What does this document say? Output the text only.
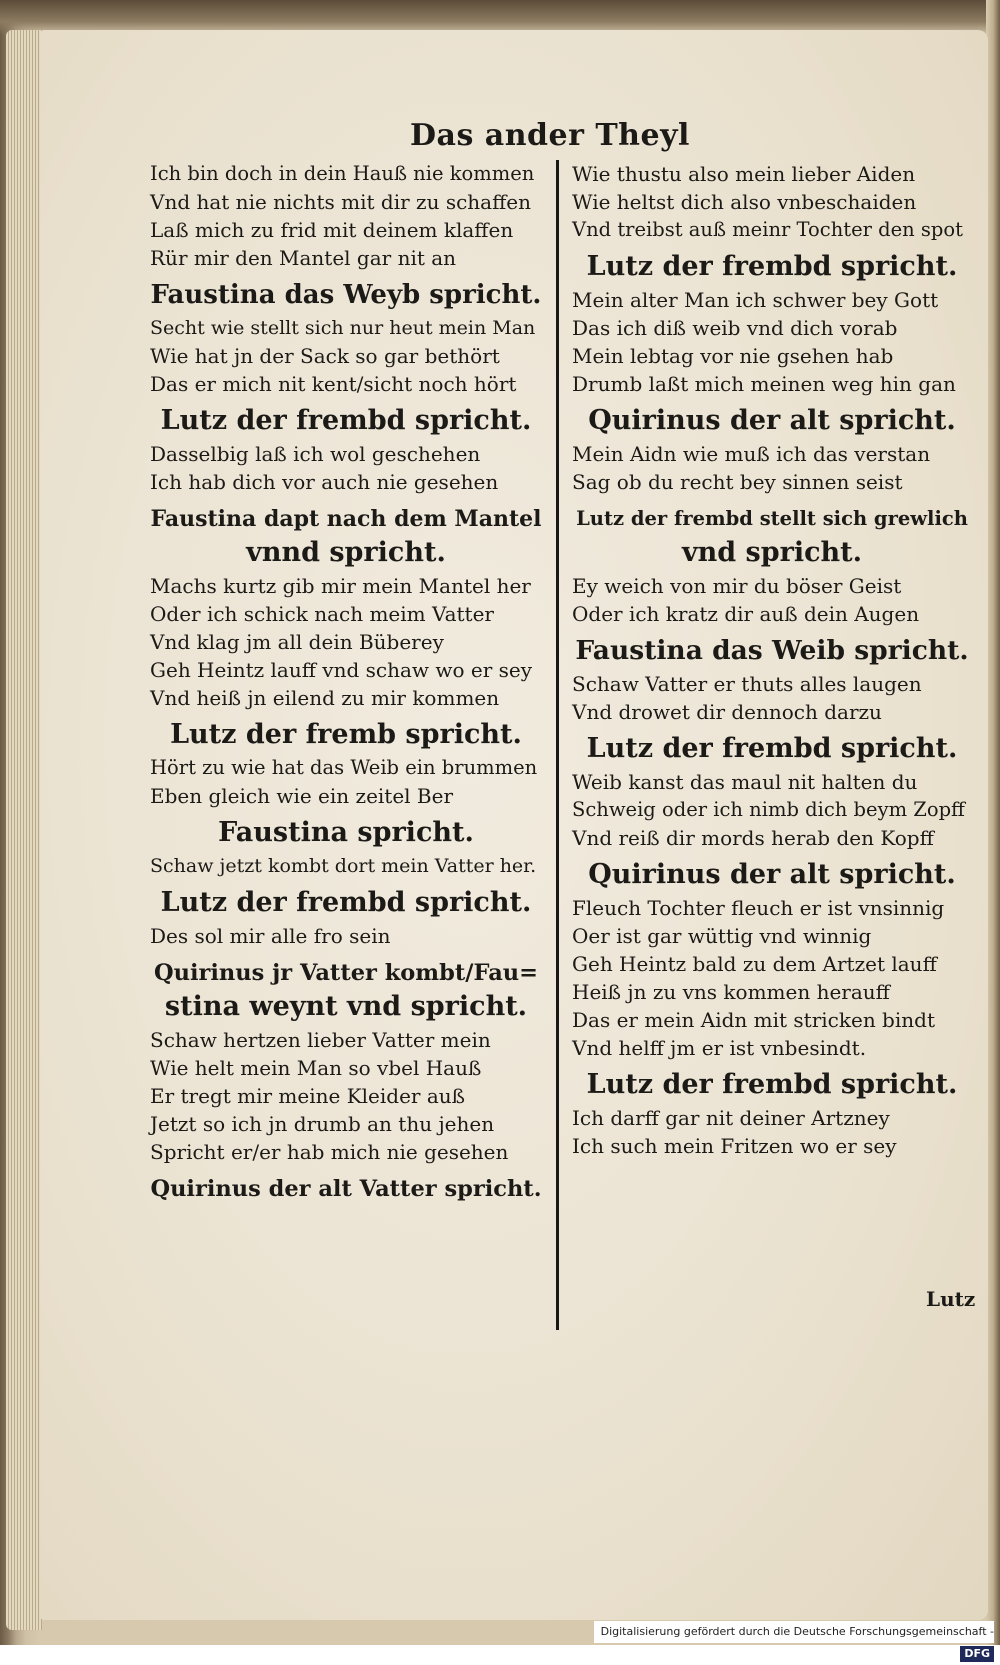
Das ander Theyl
Ich bin doch in dein Hauß nie kommen
Vnd hat nie nichts mit dir zu schaffen
Laß mich zu frid mit deinem klaffen
Rür mir den Mantel gar nit an
Faustina das Weyb spricht.
Secht wie stellt sich nur heut mein Man
Wie hat jn der Sack so gar bethört
Das er mich nit kent/sicht noch hört
Lutz der frembd spricht.
Dasselbig laß ich wol geschehen
Ich hab dich vor auch nie gesehen
Faustina dapt nach dem Mantel
vnnd spricht.
Machs kurtz gib mir mein Mantel her
Oder ich schick nach meim Vatter
Vnd klag jm all dein Büberey
Geh Heintz lauff vnd schaw wo er sey
Vnd heiß jn eilend zu mir kommen
Lutz der fremb spricht.
Hört zu wie hat das Weib ein brummen
Eben gleich wie ein zeitel Ber
Faustina spricht.
Schaw jetzt kombt dort mein Vatter her.
Lutz der frembd spricht.
Des sol mir alle fro sein
Quirinus jr Vatter kombt/Fau=
stina weynt vnd spricht.
Schaw hertzen lieber Vatter mein
Wie helt mein Man so vbel Hauß
Er tregt mir meine Kleider auß
Jetzt so ich jn drumb an thu jehen
Spricht er/er hab mich nie gesehen
Quirinus der alt Vatter spricht.
Wie thustu also mein lieber Aiden
Wie heltst dich also vnbeschaiden
Vnd treibst auß meinr Tochter den spot
Lutz der frembd spricht.
Mein alter Man ich schwer bey Gott
Das ich diß weib vnd dich vorab
Mein lebtag vor nie gsehen hab
Drumb laßt mich meinen weg hin gan
Quirinus der alt spricht.
Mein Aidn wie muß ich das verstan
Sag ob du recht bey sinnen seist
Lutz der frembd stellt sich grewlich
vnd spricht.
Ey weich von mir du böser Geist
Oder ich kratz dir auß dein Augen
Faustina das Weib spricht.
Schaw Vatter er thuts alles laugen
Vnd drowet dir dennoch darzu
Lutz der frembd spricht.
Weib kanst das maul nit halten du
Schweig oder ich nimb dich beym Zopff
Vnd reiß dir mords herab den Kopff
Quirinus der alt spricht.
Fleuch Tochter fleuch er ist vnsinnig
Oer ist gar wüttig vnd winnig
Geh Heintz bald zu dem Artzet lauff
Heiß jn zu vns kommen herauff
Das er mein Aidn mit stricken bindt
Vnd helff jm er ist vnbesindt.
Lutz der frembd spricht.
Ich darff gar nit deiner Artzney
Ich such mein Fritzen wo er sey
Lutz
Digitalisierung gefördert durch die Deutsche Forschungsgemeinschaft -DFG
